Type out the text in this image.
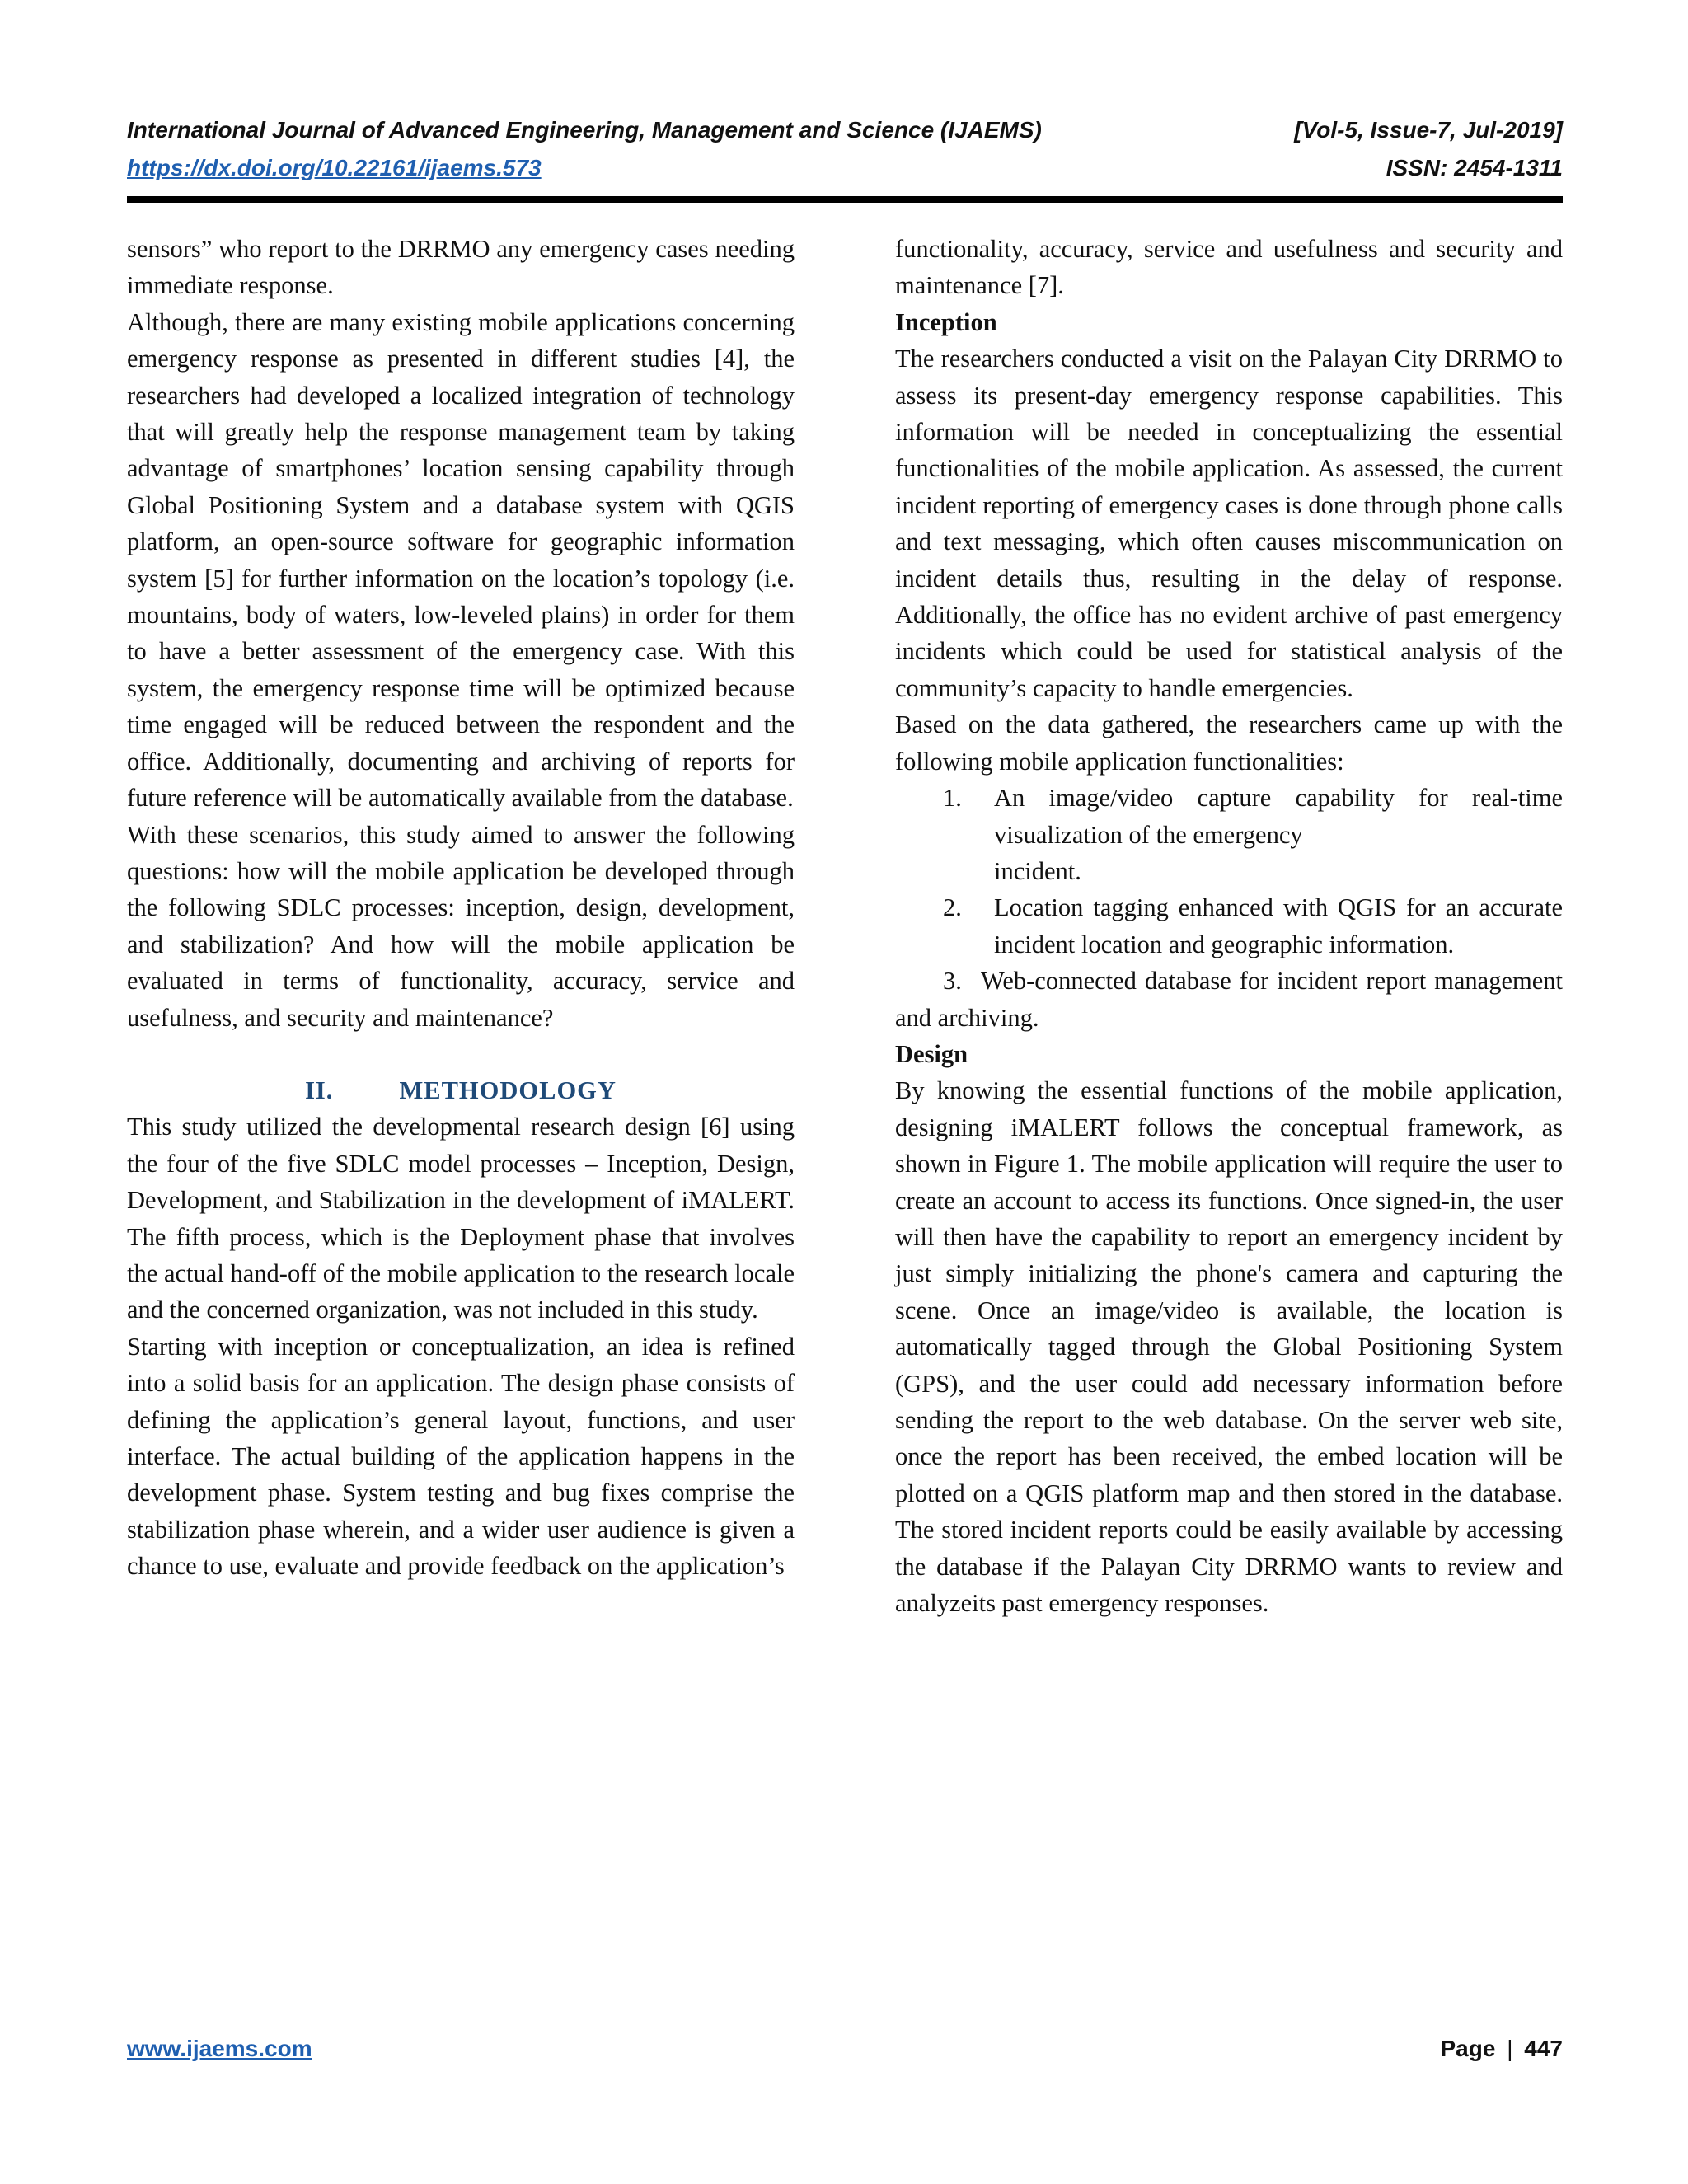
International Journal of Advanced Engineering, Management and Science (IJAEMS)	[Vol-5, Issue-7, Jul-2019]
https://dx.doi.org/10.22161/ijaems.573	ISSN: 2454-1311

sensors” who report to the DRRMO any emergency cases needing immediate response.

Although, there are many existing mobile applications concerning emergency response as presented in different studies [4], the researchers had developed a localized integration of technology that will greatly help the response management team by taking advantage of smartphones’ location sensing capability through Global Positioning System and a database system with QGIS platform, an open-source software for geographic information system [5] for further information on the location’s topology (i.e. mountains, body of waters, low-leveled plains) in order for them to have a better assessment of the emergency case. With this system, the emergency response time will be optimized because time engaged will be reduced between the respondent and the office. Additionally, documenting and archiving of reports for future reference will be automatically available from the database.

With these scenarios, this study aimed to answer the following questions: how will the mobile application be developed through the following SDLC processes: inception, design, development, and stabilization? And how will the mobile application be evaluated in terms of functionality, accuracy, service and usefulness, and security and maintenance?

II.	METHODOLOGY

This study utilized the developmental research design [6] using the four of the five SDLC model processes – Inception, Design, Development, and Stabilization in the development of iMALERT. The fifth process, which is the Deployment phase that involves the actual hand-off of the mobile application to the research locale and the concerned organization, was not included in this study.

Starting with inception or conceptualization, an idea is refined into a solid basis for an application. The design phase consists of defining the application’s general layout, functions, and user interface. The actual building of the application happens in the development phase. System testing and bug fixes comprise the stabilization phase wherein, and a wider user audience is given a chance to use, evaluate and provide feedback on the application’s

functionality, accuracy, service and usefulness and security and maintenance [7].

Inception

The researchers conducted a visit on the Palayan City DRRMO to assess its present-day emergency response capabilities. This information will be needed in conceptualizing the essential functionalities of the mobile application. As assessed, the current incident reporting of emergency cases is done through phone calls and text messaging, which often causes miscommunication on incident details thus, resulting in the delay of response. Additionally, the office has no evident archive of past emergency incidents which could be used for statistical analysis of the community’s capacity to handle emergencies.

Based on the data gathered, the researchers came up with the following mobile application functionalities:

1. An image/video capture capability for real-time
visualization of the emergency
incident.
2. Location tagging enhanced with QGIS for an accurate incident location and geographic information.

3. Web-connected database for incident report management and archiving.

Design

By knowing the essential functions of the mobile application, designing iMALERT follows the conceptual framework, as shown in Figure 1. The mobile application will require the user to create an account to access its functions. Once signed-in, the user will then have the capability to report an emergency incident by just simply initializing the phone's camera and capturing the scene. Once an image/video is available, the location is automatically tagged through the Global Positioning System (GPS), and the user could add necessary information before sending the report to the web database. On the server web site, once the report has been received, the embed location will be plotted on a QGIS platform map and then stored in the database. The stored incident reports could be easily available by accessing the database if the Palayan City DRRMO wants to review and analyzeits past emergency responses.

www.ijaems.com	Page | 447
